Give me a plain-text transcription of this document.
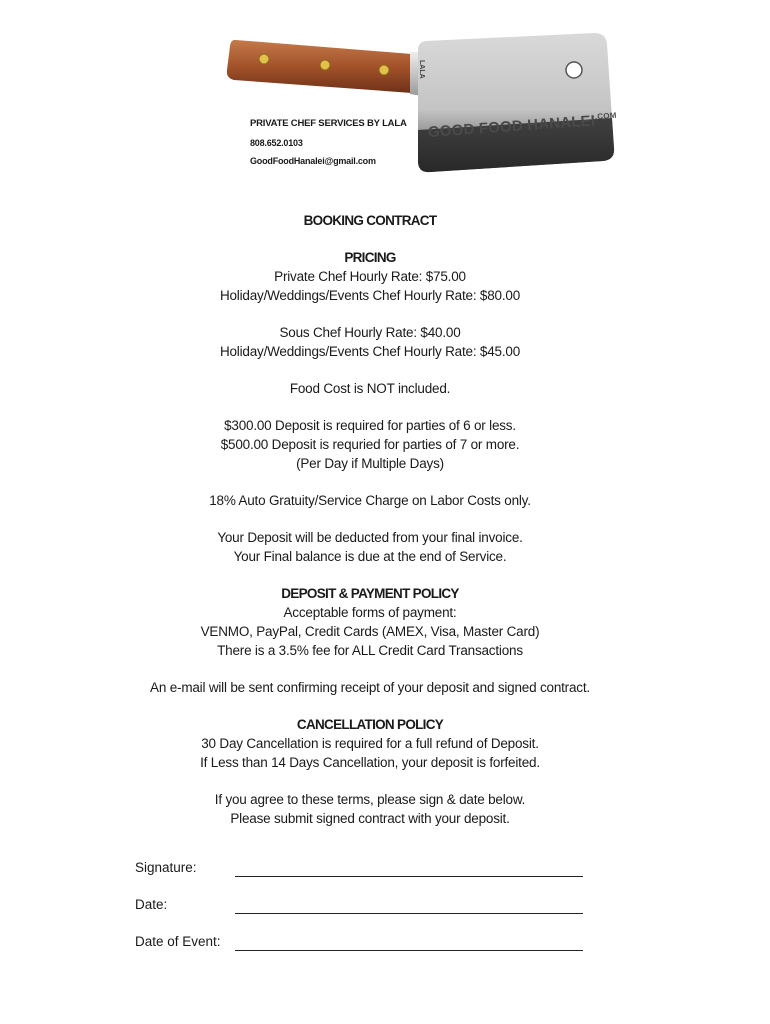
LALA
GOOD FOOD $HANALEI^{.COM}$

PRIVATE CHEF SERVICES BY LALA

808.652.0103

GoodFoodHanalei@gmail.com

BOOKING CONTRACT

PRICING

Private Chef Hourly Rate: $75.00

Holiday/Weddings/Events Chef Hourly Rate: $80.00

Sous Chef Hourly Rate: $40.00

Holiday/Weddings/Events Chef Hourly Rate: $45.00

Food Cost is NOT included.

$300.00 Deposit is required for parties of 6 or less.

$500.00 Deposit is requried for parties of 7 or more.

(Per Day if Multiple Days)

18% Auto Gratuity/Service Charge on Labor Costs only.

Your Deposit will be deducted from your final invoice.

Your Final balance is due at the end of Service.

DEPOSIT & PAYMENT POLICY

Acceptable forms of payment:

VENMO, PayPal, Credit Cards (AMEX, Visa, Master Card)

There is a 3.5% fee for ALL Credit Card Transactions

An e-mail will be sent confirming receipt of your deposit and signed contract.

CANCELLATION POLICY

30 Day Cancellation is required for a full refund of Deposit.

If Less than 14 Days Cancellation, your deposit is forfeited.

If you agree to these terms, please sign & date below.

Please submit signed contract with your deposit.

Signature:
Date:
Date of Event:
